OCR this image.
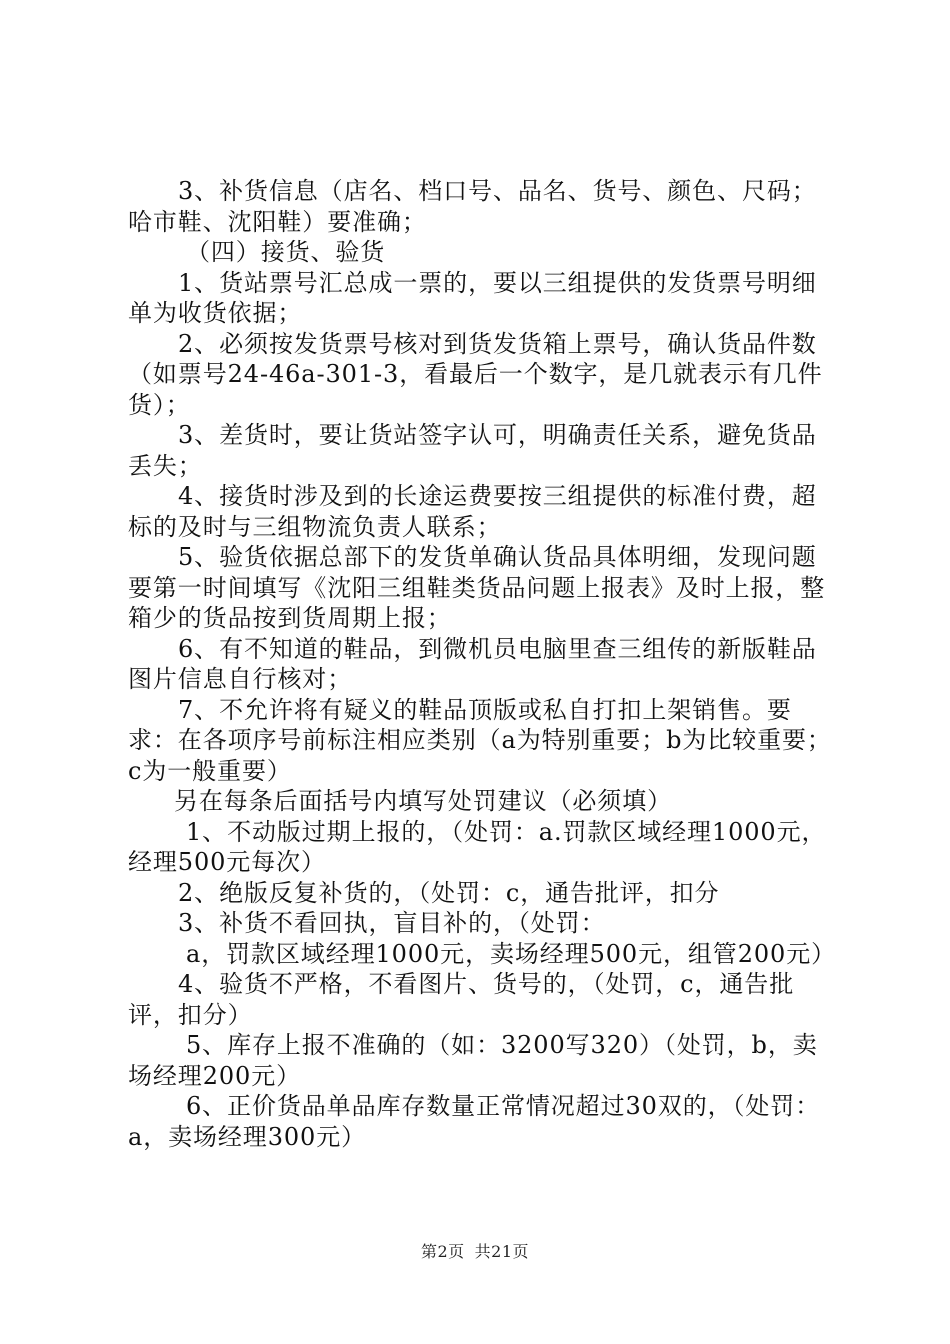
3、补货信息（店名、档口号、品名、货号、颜色、尺码；哈市鞋、沈阳鞋）要准确；

（四）接货、验货

1、货站票号汇总成一票的，要以三组提供的发货票号明细单为收货依据；

2、必须按发货票号核对到货发货箱上票号，确认货品件数（如票号24-46a-301-3，看最后一个数字，是几就表示有几件货）；

3、差货时，要让货站签字认可，明确责任关系，避免货品丢失；

4、接货时涉及到的长途运费要按三组提供的标准付费，超标的及时与三组物流负责人联系；

5、验货依据总部下的发货单确认货品具体明细，发现问题要第一时间填写《沈阳三组鞋类货品问题上报表》及时上报，整箱少的货品按到货周期上报；

6、有不知道的鞋品，到微机员电脑里查三组传的新版鞋品图片信息自行核对；

7、不允许将有疑义的鞋品顶版或私自打扣上架销售。要求：在各项序号前标注相应类别（a为特别重要；b为比较重要；c为一般重要）

另在每条后面括号内填写处罚建议（必须填）

1、不动版过期上报的，（处罚：a.罚款区域经理1000元，经理500元每次）

2、绝版反复补货的，（处罚：c，通告批评，扣分

3、补货不看回执，盲目补的，（处罚：

a，罚款区域经理1000元，卖场经理500元，组管200元）

4、验货不严格，不看图片、货号的，（处罚，c，通告批评，扣分）

5、库存上报不准确的（如：3200写320）（处罚，b，卖场经理200元）

6、正价货品单品库存数量正常情况超过30双的，（处罚：a，卖场经理300元）

第2页 共21页
